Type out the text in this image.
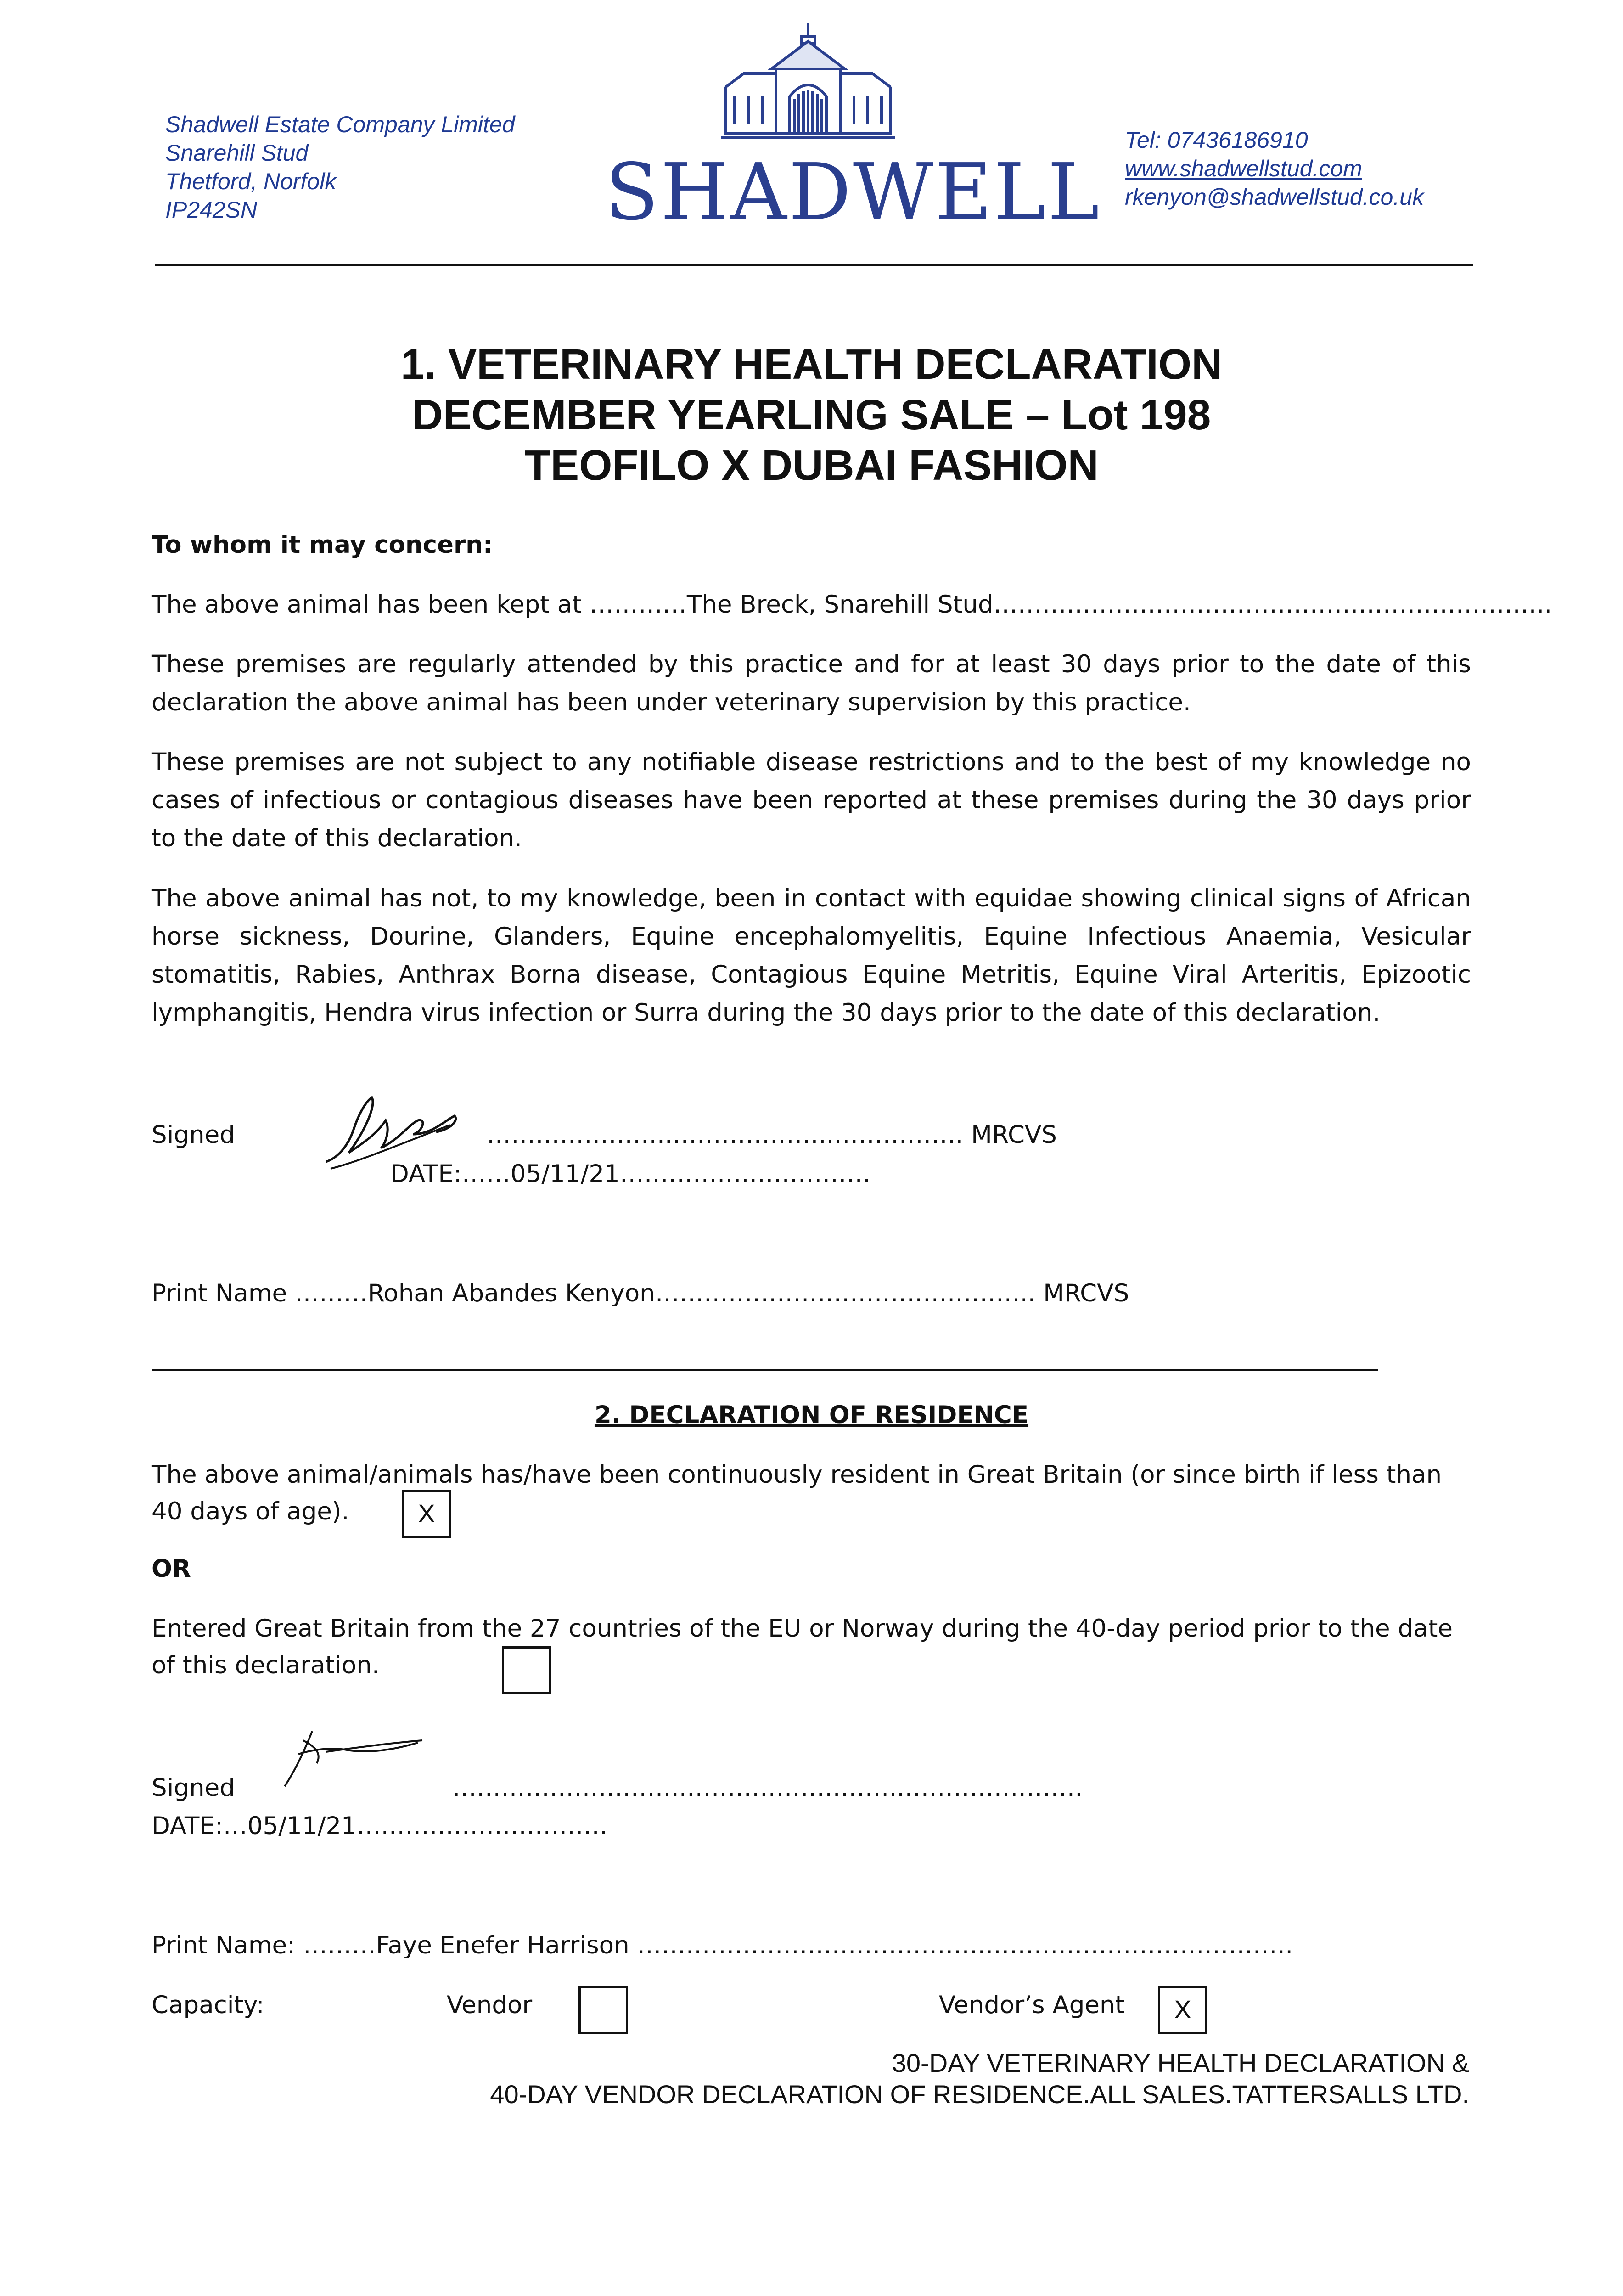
Shadwell Estate Company Limited
Snarehill Stud
Thetford, Norfolk
IP242SN	SHADWELL
Tel: 07436186910
www.shadwellstud.com
rkenyon@shadwellstud.co.uk
1. VETERINARY HEALTH DECLARATION
DECEMBER YEARLING SALE – Lot 198
TEOFILO X DUBAI FASHION
To whom it may concern:
The above animal has been kept at …………The Breck, Snarehill Stud…………………………………………………………...

These premises are regularly attended by this practice and for at least 30 days prior to the date of this declaration the above animal has been under veterinary supervision by this practice.

These premises are not subject to any notifiable disease restrictions and to the best of my knowledge no cases of infectious or contagious diseases have been reported at these premises during the 30 days prior to the date of this declaration.

The above animal has not, to my knowledge, been in contact with equidae showing clinical signs of African horse sickness, Dourine, Glanders, Equine encephalomyelitis, Equine Infectious Anaemia, Vesicular stomatitis, Rabies, Anthrax Borna disease, Contagious Equine Metritis, Equine Viral Arteritis, Epizootic lymphangitis, Hendra virus infection or Surra during the 30 days prior to the date of this declaration.

Signed	…………………..………………..……………. MRCVS
DATE:……05/11/21…………….……………
Print Name ………Rohan Abandes Kenyon……………………………………….. MRCVS
2. DECLARATION OF RESIDENCE
The above animal/animals has/have been continuously resident in Great Britain (or since birth if less than
40 days of age).	X
OR
Entered Great Britain from the 27 countries of the EU or Norway during the 40-day period prior to the date
of this declaration.
Signed	………………………..……………….……..………………….
DATE:…05/11/21….………………………
Print Name: ………Faye Enefer Harrison ……………………………………..……………………………….
Capacity:	Vendor	Vendor’s Agent	X
30-DAY VETERINARY HEALTH DECLARATION &
40-DAY VENDOR DECLARATION OF RESIDENCE.ALL SALES.TATTERSALLS LTD.
